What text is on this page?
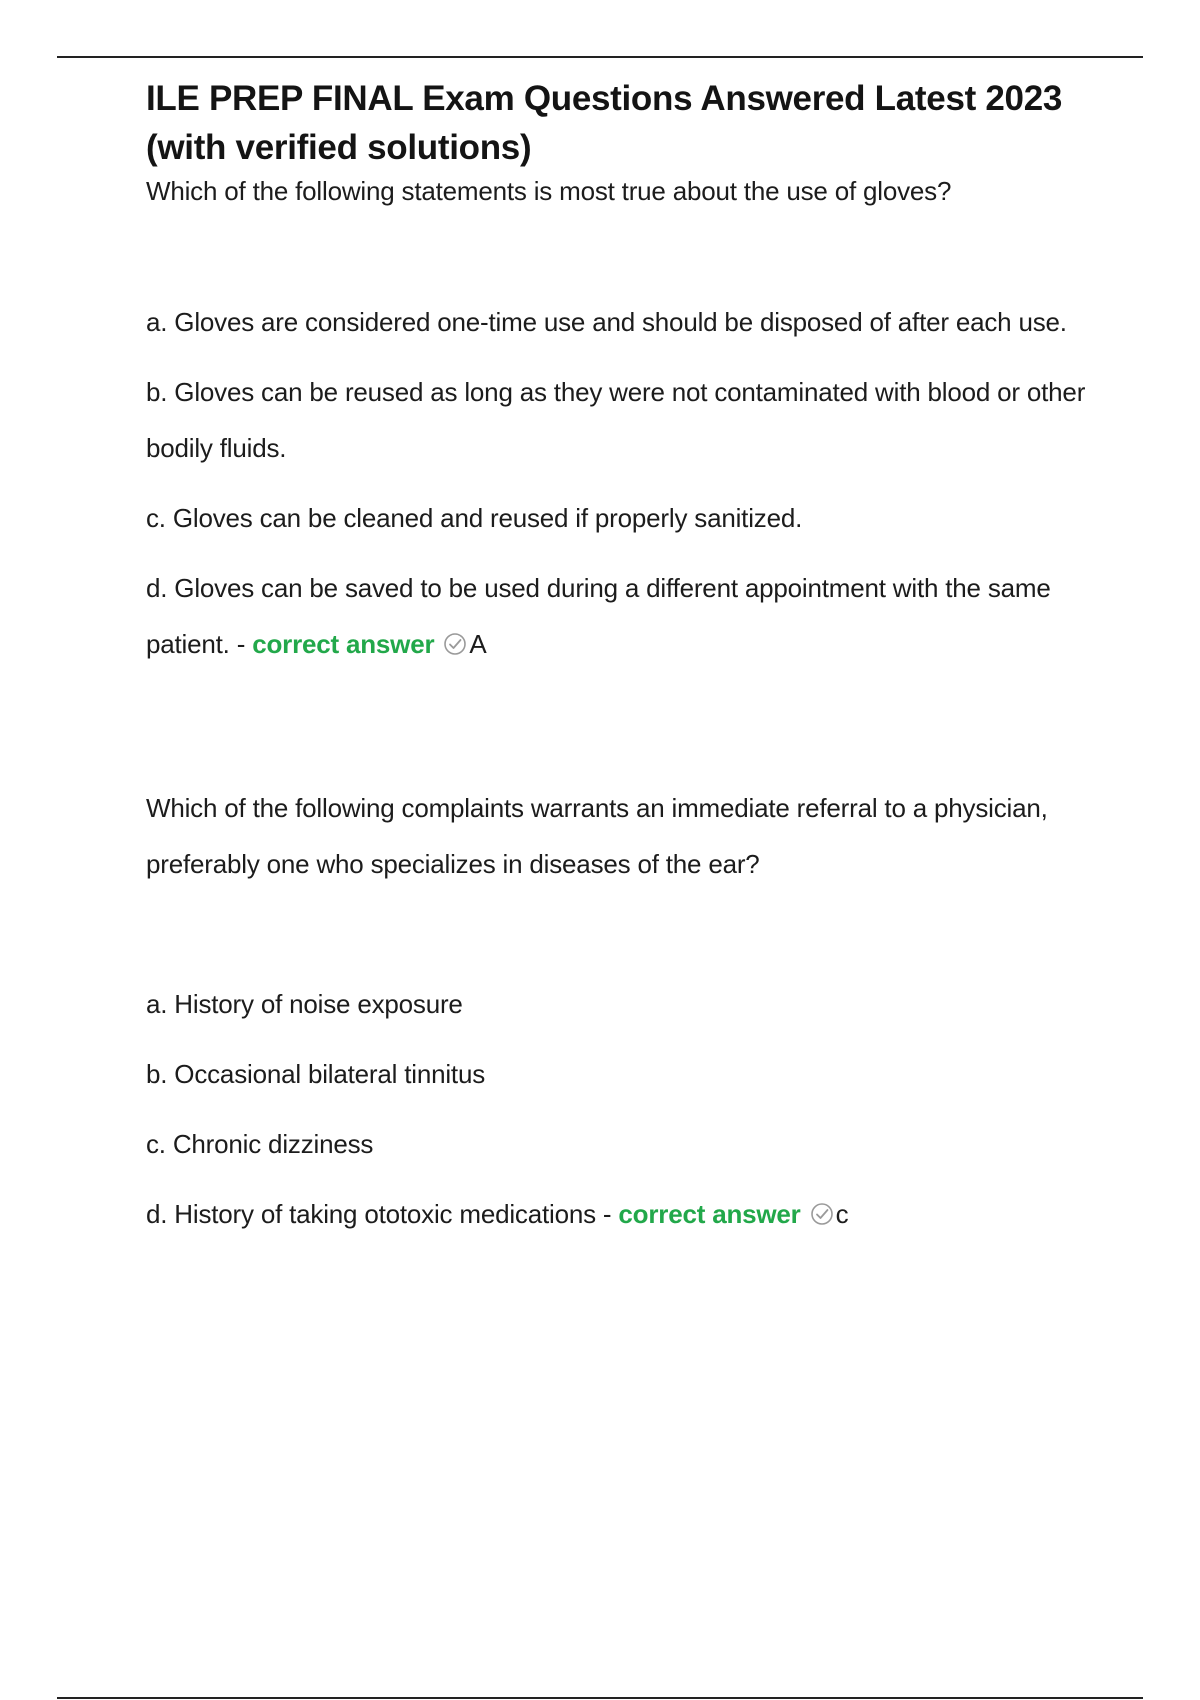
ILE PREP FINAL Exam Questions Answered Latest 2023 (with verified solutions)

Which of the following statements is most true about the use of gloves?

a. Gloves are considered one-time use and should be disposed of after each use.
b. Gloves can be reused as long as they were not contaminated with blood or other bodily fluids.
c. Gloves can be cleaned and reused if properly sanitized.
d. Gloves can be saved to be used during a different appointment with the same patient. - correct answer A

Which of the following complaints warrants an immediate referral to a physician, preferably one who specializes in diseases of the ear?

a. History of noise exposure
b. Occasional bilateral tinnitus
c. Chronic dizziness
d. History of taking ototoxic medications - correct answer c
